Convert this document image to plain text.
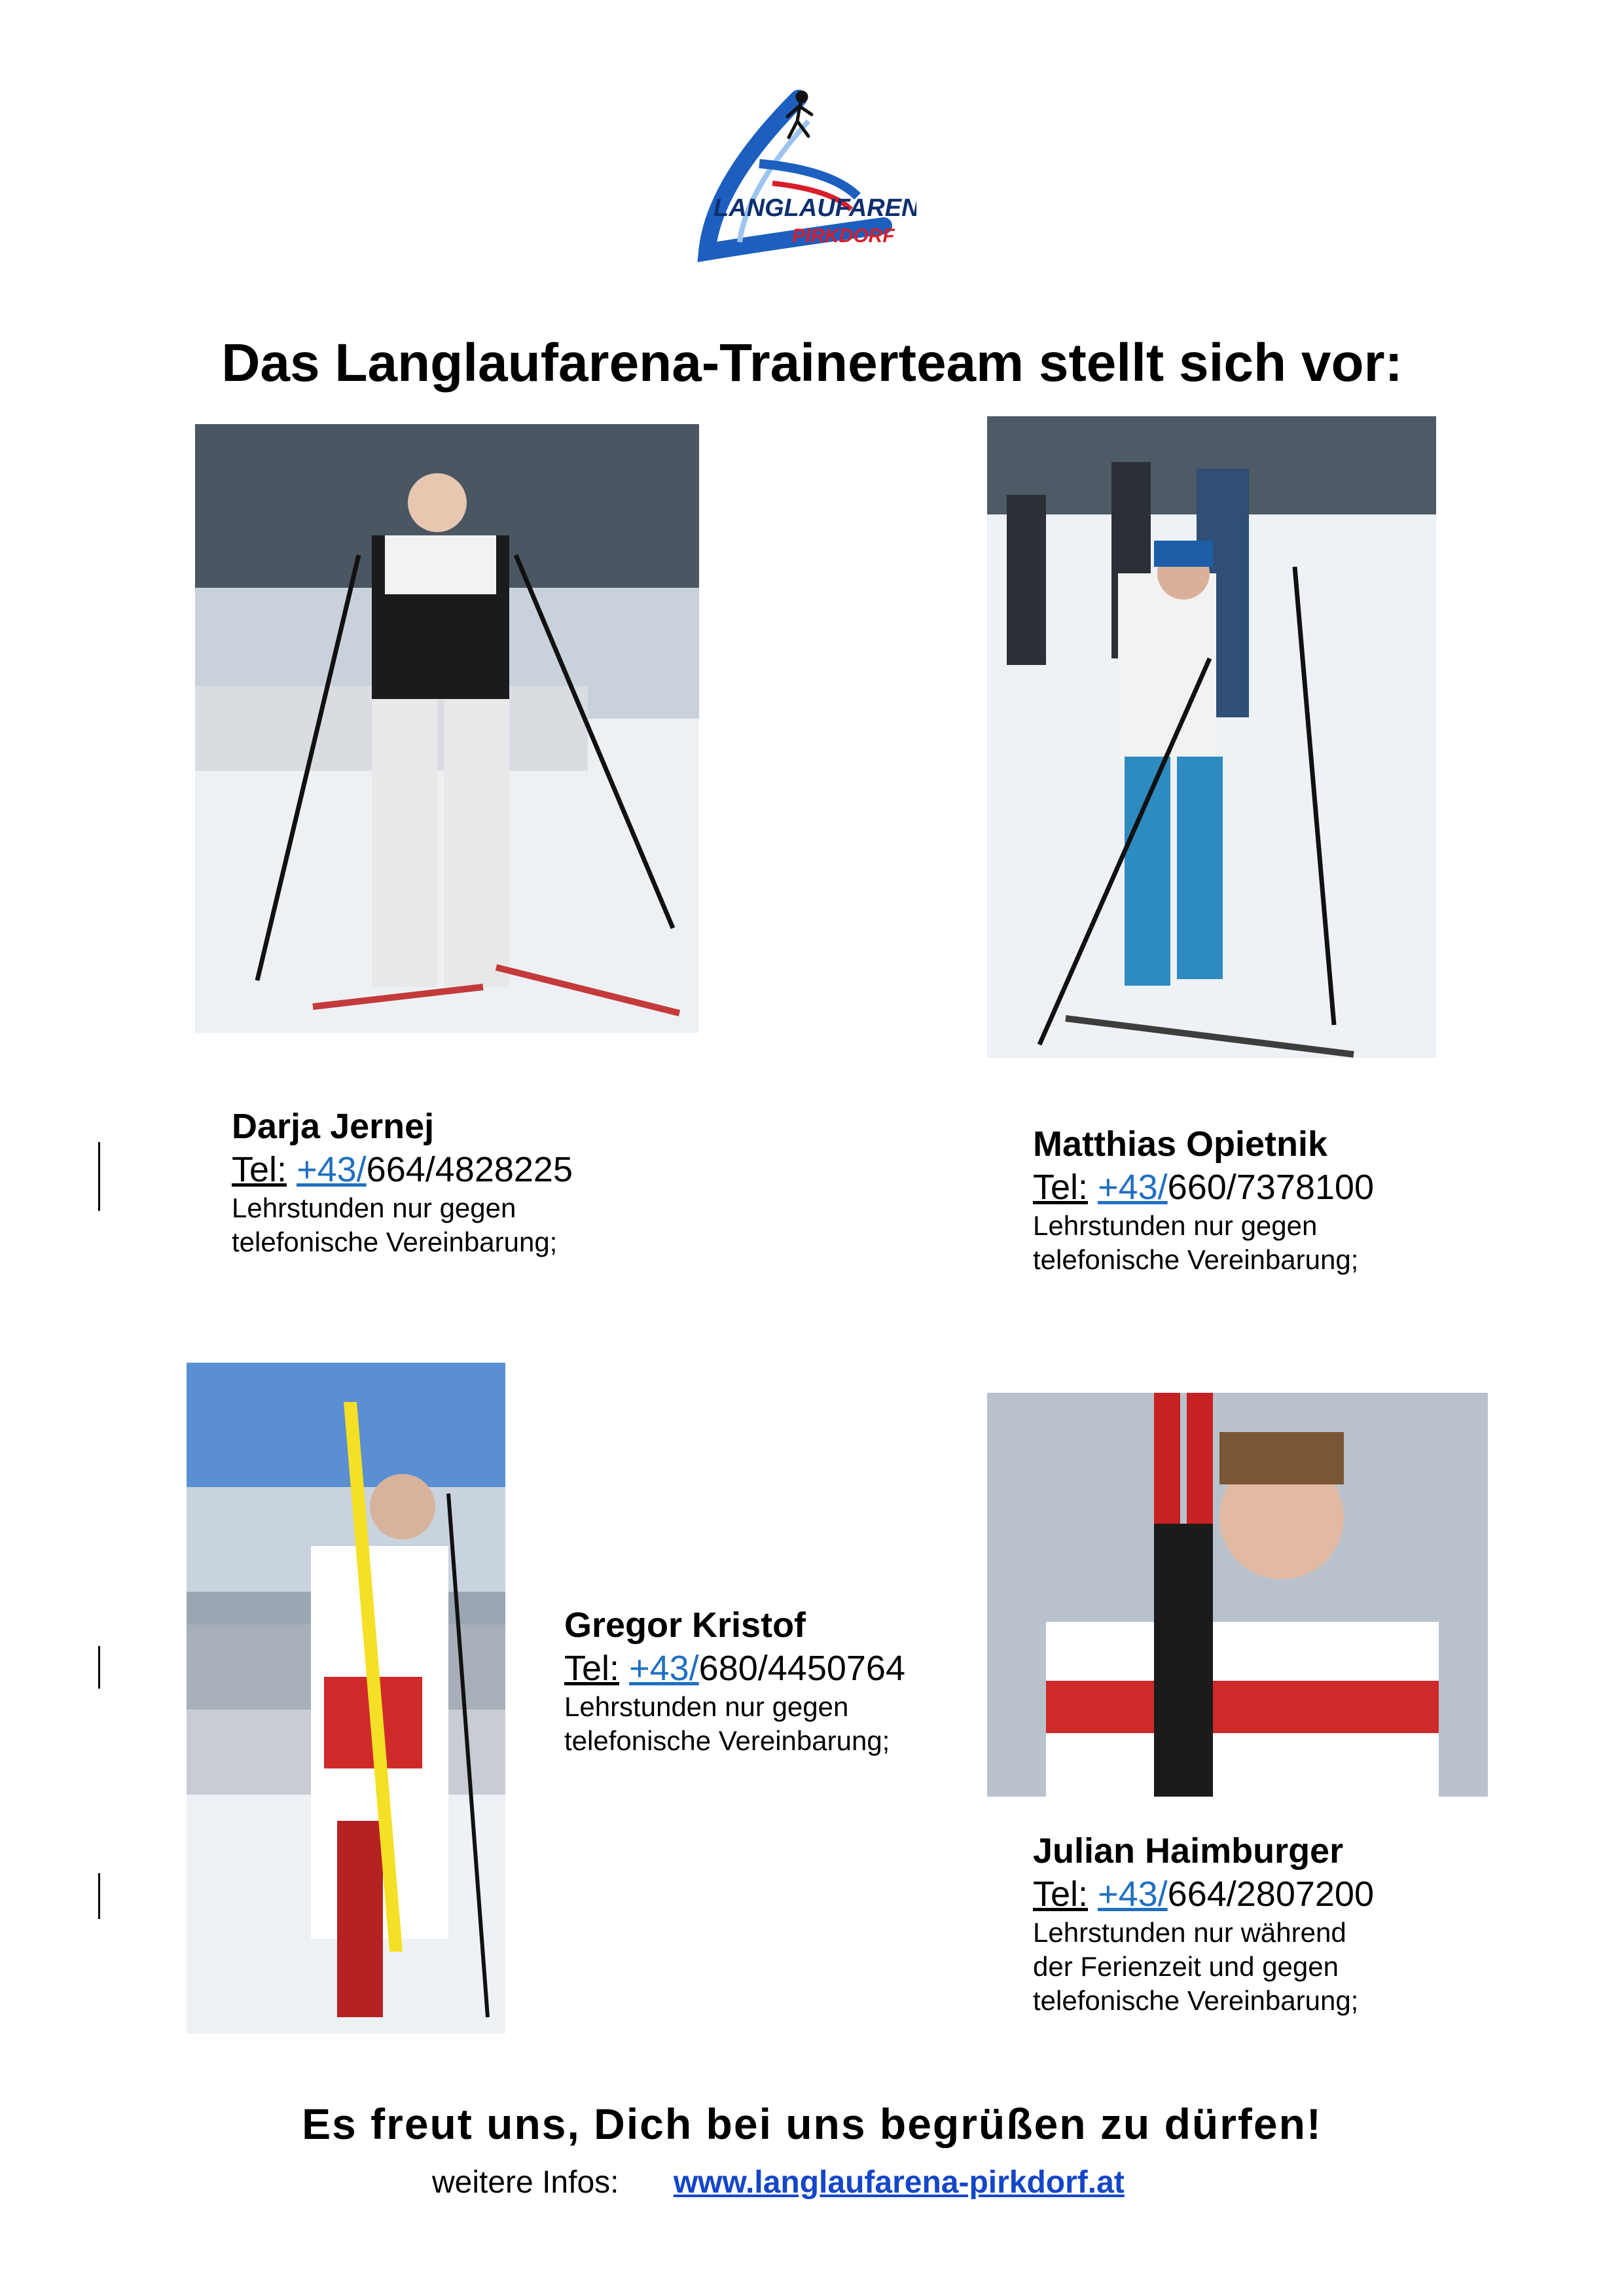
LANGLAUFARENA
PIRKDORF
Das Langlaufarena-Trainerteam stellt sich vor:
Darja Jernej
Tel: +43/664/4828225
Lehrstunden nur gegen
telefonische Vereinbarung;
Matthias Opietnik
Tel: +43/660/7378100
Lehrstunden nur gegen
telefonische Vereinbarung;
Gregor Kristof
Tel: +43/680/4450764
Lehrstunden nur gegen
telefonische Vereinbarung;
Julian Haimburger
Tel: +43/664/2807200
Lehrstunden nur während
der Ferienzeit und gegen
telefonische Vereinbarung;
Es freut uns, Dich bei uns begrüßen zu dürfen!
weitere Infos: www.langlaufarena-pirkdorf.at
